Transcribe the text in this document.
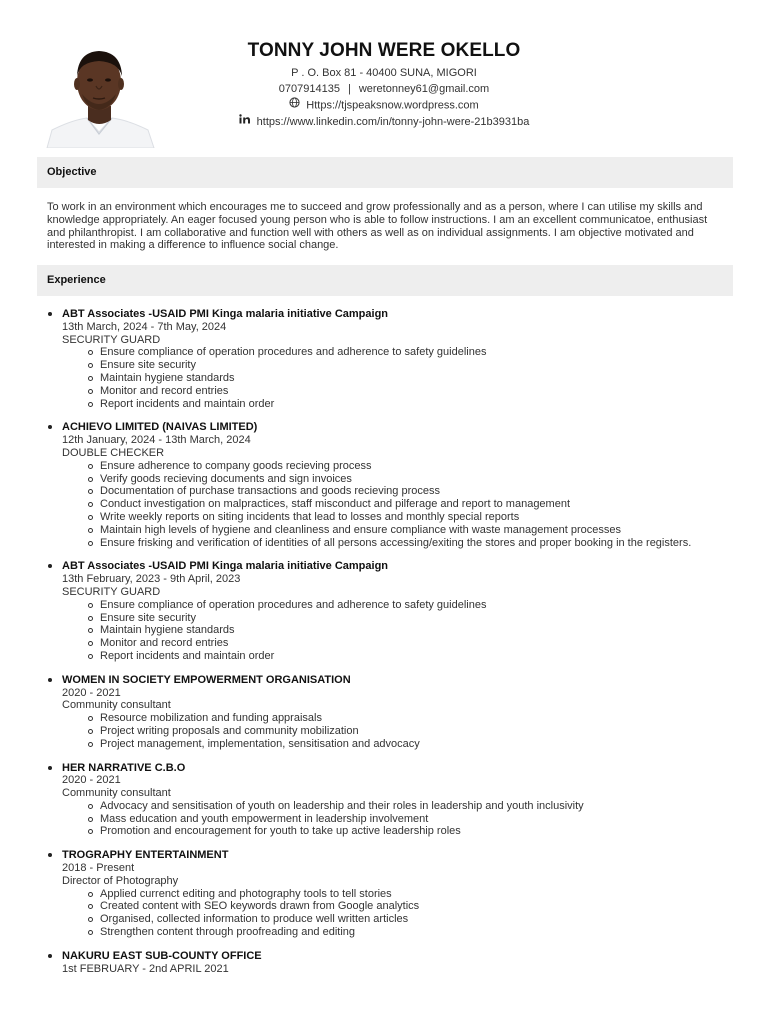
TONNY JOHN WERE OKELLO
P . O. Box 81 - 40400 SUNA, MIGORI
0707914135 | weretonney61@gmail.com
Https://tjspeaksnow.wordpress.com
https://www.linkedin.com/in/tonny-john-were-21b3931ba
Objective
To work in an environment which encourages me to succeed and grow professionally and as a person, where I can utilise my skills and knowledge appropriately. An eager focused young person who is able to follow instructions. I am an excellent communicatoe, enthusiast and philanthropist. I am collaborative and function well with others as well as on individual assignments. I am objective motivated and interested in making a difference to influence social change.
Experience
ABT Associates -USAID PMI Kinga malaria initiative Campaign
13th March, 2024 - 7th May, 2024
SECURITY GUARD
Ensure compliance of operation procedures and adherence to safety guidelines
Ensure site security
Maintain hygiene standards
Monitor and record entries
Report incidents and maintain order
ACHIEVO LIMITED (NAIVAS LIMITED)
12th January, 2024 - 13th March, 2024
DOUBLE CHECKER
Ensure adherence to company goods recieving process
Verify goods recieving documents and sign invoices
Documentation of purchase transactions and goods recieving process
Conduct investigation on malpractices, staff misconduct and pilferage and report to management
Write weekly reports on siting incidents that lead to losses and monthly special reports
Maintain high levels of hygiene and cleanliness and ensure compliance with waste management processes
Ensure frisking and verification of identities of all persons accessing/exiting the stores and proper booking in the registers.
ABT Associates -USAID PMI Kinga malaria initiative Campaign
13th February, 2023 - 9th April, 2023
SECURITY GUARD
Ensure compliance of operation procedures and adherence to safety guidelines
Ensure site security
Maintain hygiene standards
Monitor and record entries
Report incidents and maintain order
WOMEN IN SOCIETY EMPOWERMENT ORGANISATION
2020 - 2021
Community consultant
Resource mobilization and funding appraisals
Project writing proposals and community mobilization
Project management, implementation, sensitisation and advocacy
HER NARRATIVE C.B.O
2020 - 2021
Community consultant
Advocacy and sensitisation of youth on leadership and their roles in leadership and youth inclusivity
Mass education and youth empowerment in leadership involvement
Promotion and encouragement for youth to take up active leadership roles
TROGRAPHY ENTERTAINMENT
2018 - Present
Director of Photography
Applied currenct editing and photography tools to tell stories
Created content with SEO keywords drawn from Google analytics
Organised, collected information to produce well written articles
Strengthen content through proofreading and editing
NAKURU EAST SUB-COUNTY OFFICE
1st FEBRUARY - 2nd APRIL 2021
